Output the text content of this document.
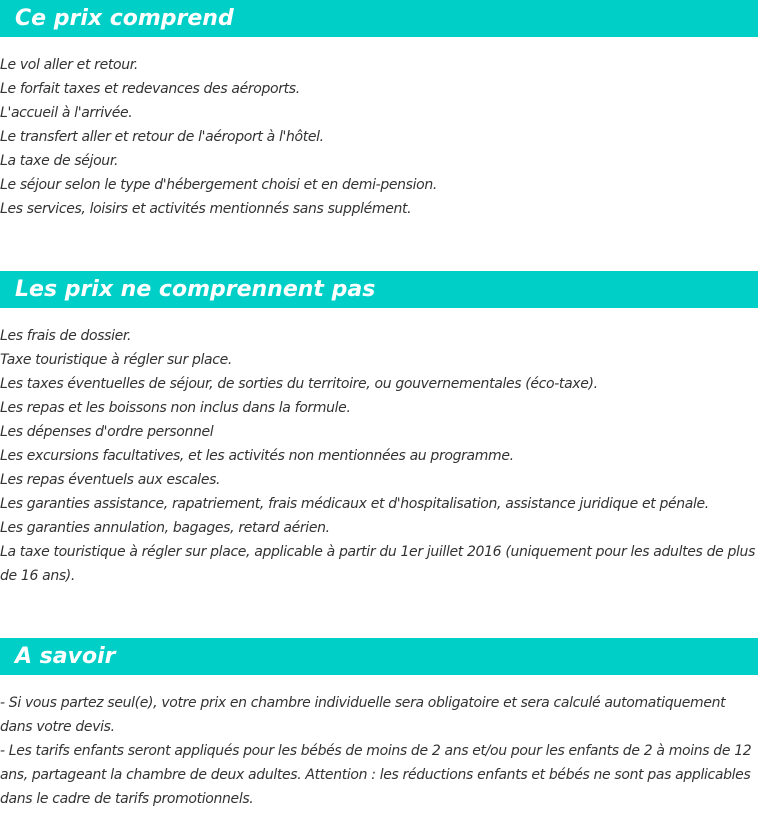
Ce prix comprend
Le vol aller et retour.
Le forfait taxes et redevances des aéroports.
L'accueil à l'arrivée.
Le transfert aller et retour de l'aéroport à l'hôtel.
La taxe de séjour.
Le séjour selon le type d'hébergement choisi et en demi-pension.
Les services, loisirs et activités mentionnés sans supplément.
Les prix ne comprennent pas
Les frais de dossier.
Taxe touristique à régler sur place.
Les taxes éventuelles de séjour, de sorties du territoire, ou gouvernementales (éco-taxe).
Les repas et les boissons non inclus dans la formule.
Les dépenses d'ordre personnel
Les excursions facultatives, et les activités non mentionnées au programme.
Les repas éventuels aux escales.
Les garanties assistance, rapatriement, frais médicaux et d'hospitalisation, assistance juridique et pénale.
Les garanties annulation, bagages, retard aérien.
La taxe touristique à régler sur place, applicable à partir du 1er juillet 2016 (uniquement pour les adultes de plus de 16 ans).
A savoir
- Si vous partez seul(e), votre prix en chambre individuelle sera obligatoire et sera calculé automatiquement dans votre devis.
- Les tarifs enfants seront appliqués pour les bébés de moins de 2 ans et/ou pour les enfants de 2 à moins de 12 ans, partageant la chambre de deux adultes. Attention : les réductions enfants et bébés ne sont pas applicables dans le cadre de tarifs promotionnels.
